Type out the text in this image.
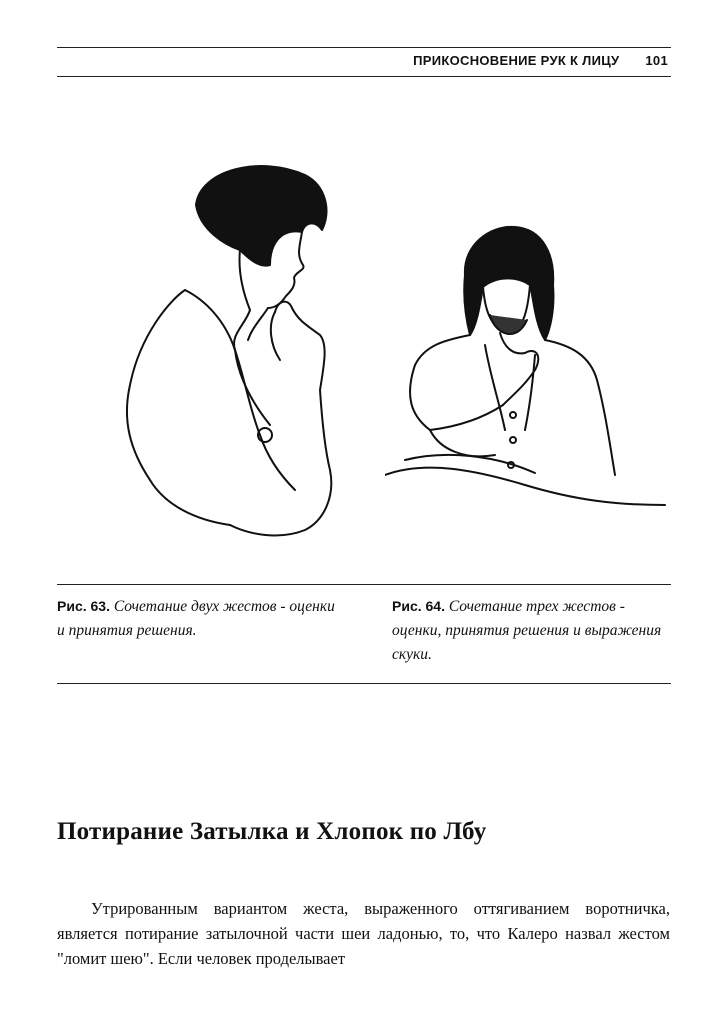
ПРИКОСНОВЕНИЕ РУК К ЛИЦУ 101
Рис. 63. Сочетание двух жестов - оценки и принятия решения.
Рис. 64. Сочетание трех жестов - оценки, принятия решения и выражения скуки.
Потирание Затылка и Хлопок по Лбу

Утрированным вариантом жеста, выраженного оттягиванием воротничка, является потирание затылочной части шеи ладонью, то, что Калеро назвал жестом "ломит шею". Если человек проделывает
